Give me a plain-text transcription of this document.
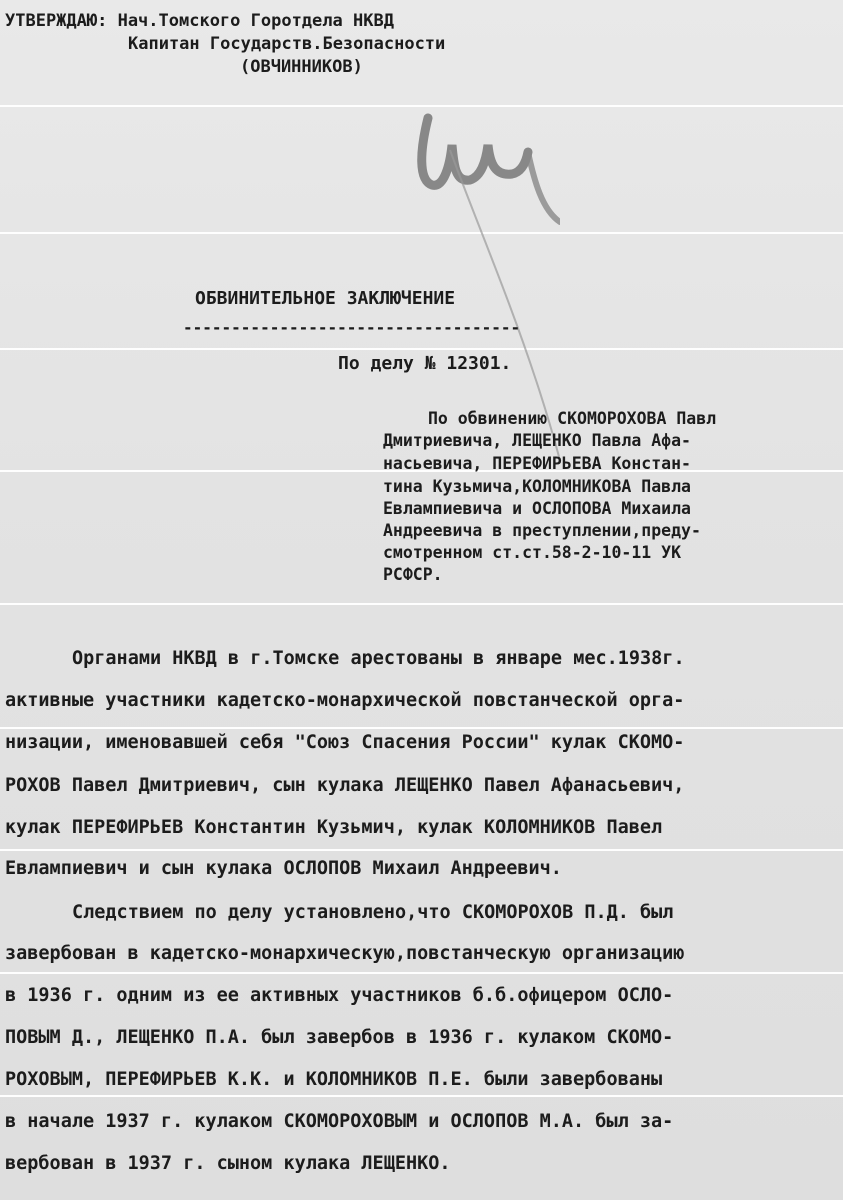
УТВЕРЖДАЮ: Нач.Томского Горотдела НКВД
Капитан Государств.Безопасности
(ОВЧИННИКОВ)
ОБВИНИТЕЛЬНОЕ ЗАКЛЮЧЕНИЕ
-----------------------------------
По делу № 12301.
По обвинению СКОМОРОХОВА Павл
Дмитриевича, ЛЕЩЕНКО Павла Афа-
насьевича, ПЕРЕФИРЬЕВА Констан-
тина Кузьмича,КОЛОМНИКОВА Павла
Евлампиевича и ОСЛОПОВА Михаила
Андреевича в преступлении,преду-
смотренном ст.ст.58-2-10-11 УК
РСФСР.
Органами НКВД в г.Томске арестованы в январе мес.1938г.
активные участники кадетско-монархической повстанческой орга-
низации, именовавшей себя "Союз Спасения России" кулак СКОМО-
РОХОВ Павел Дмитриевич, сын кулака ЛЕЩЕНКО Павел Афанасьевич,
кулак ПЕРЕФИРЬЕВ Константин Кузьмич, кулак КОЛОМНИКОВ Павел
Евлампиевич и сын кулака ОСЛОПОВ Михаил Андреевич.
Следствием по делу установлено,что СКОМОРОХОВ П.Д. был
завербован в кадетско-монархическую,повстанческую организацию
в 1936 г. одним из ее активных участников б.б.офицером ОСЛО-
ПОВЫМ Д., ЛЕЩЕНКО П.А. был завербов в 1936 г. кулаком СКОМО-
РОХОВЫМ, ПЕРЕФИРЬЕВ К.К. и КОЛОМНИКОВ П.Е. были завербованы
в начале 1937 г. кулаком СКОМОРОХОВЫМ и ОСЛОПОВ М.А. был за-
вербован в 1937 г. сыном кулака ЛЕЩЕНКО.
